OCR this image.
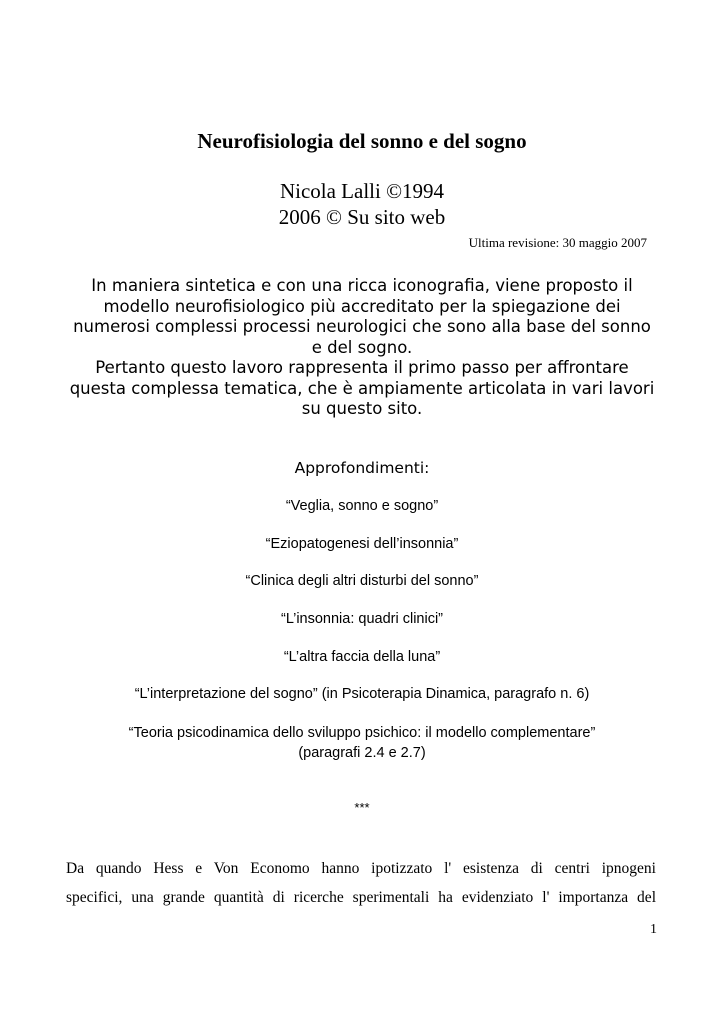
Neurofisiologia del sonno e del sogno
Nicola Lalli ©1994
2006 © Su sito web
Ultima revisione: 30 maggio 2007

In maniera sintetica e con una ricca iconografia, viene proposto il
modello neurofisiologico più accreditato per la spiegazione dei
numerosi complessi processi neurologici che sono alla base del sonno
e del sogno.
Pertanto questo lavoro rappresenta il primo passo per affrontare
questa complessa tematica, che è ampiamente articolata in vari lavori
su questo sito.

Approfondimenti:
“Veglia, sonno e sogno”
“Eziopatogenesi dell’insonnia”
“Clinica degli altri disturbi del sonno”
“L’insonnia: quadri clinici”
“L’altra faccia della luna”
“L’interpretazione del sogno” (in Psicoterapia Dinamica, paragrafo n. 6)
“Teoria psicodinamica dello sviluppo psichico: il modello complementare”
(paragrafi 2.4 e 2.7)
***

Da quando Hess e Von Economo hanno ipotizzato l' esistenza di centri ipnogeni
specifici, una grande quantità di ricerche sperimentali ha evidenziato l' importanza del

1
